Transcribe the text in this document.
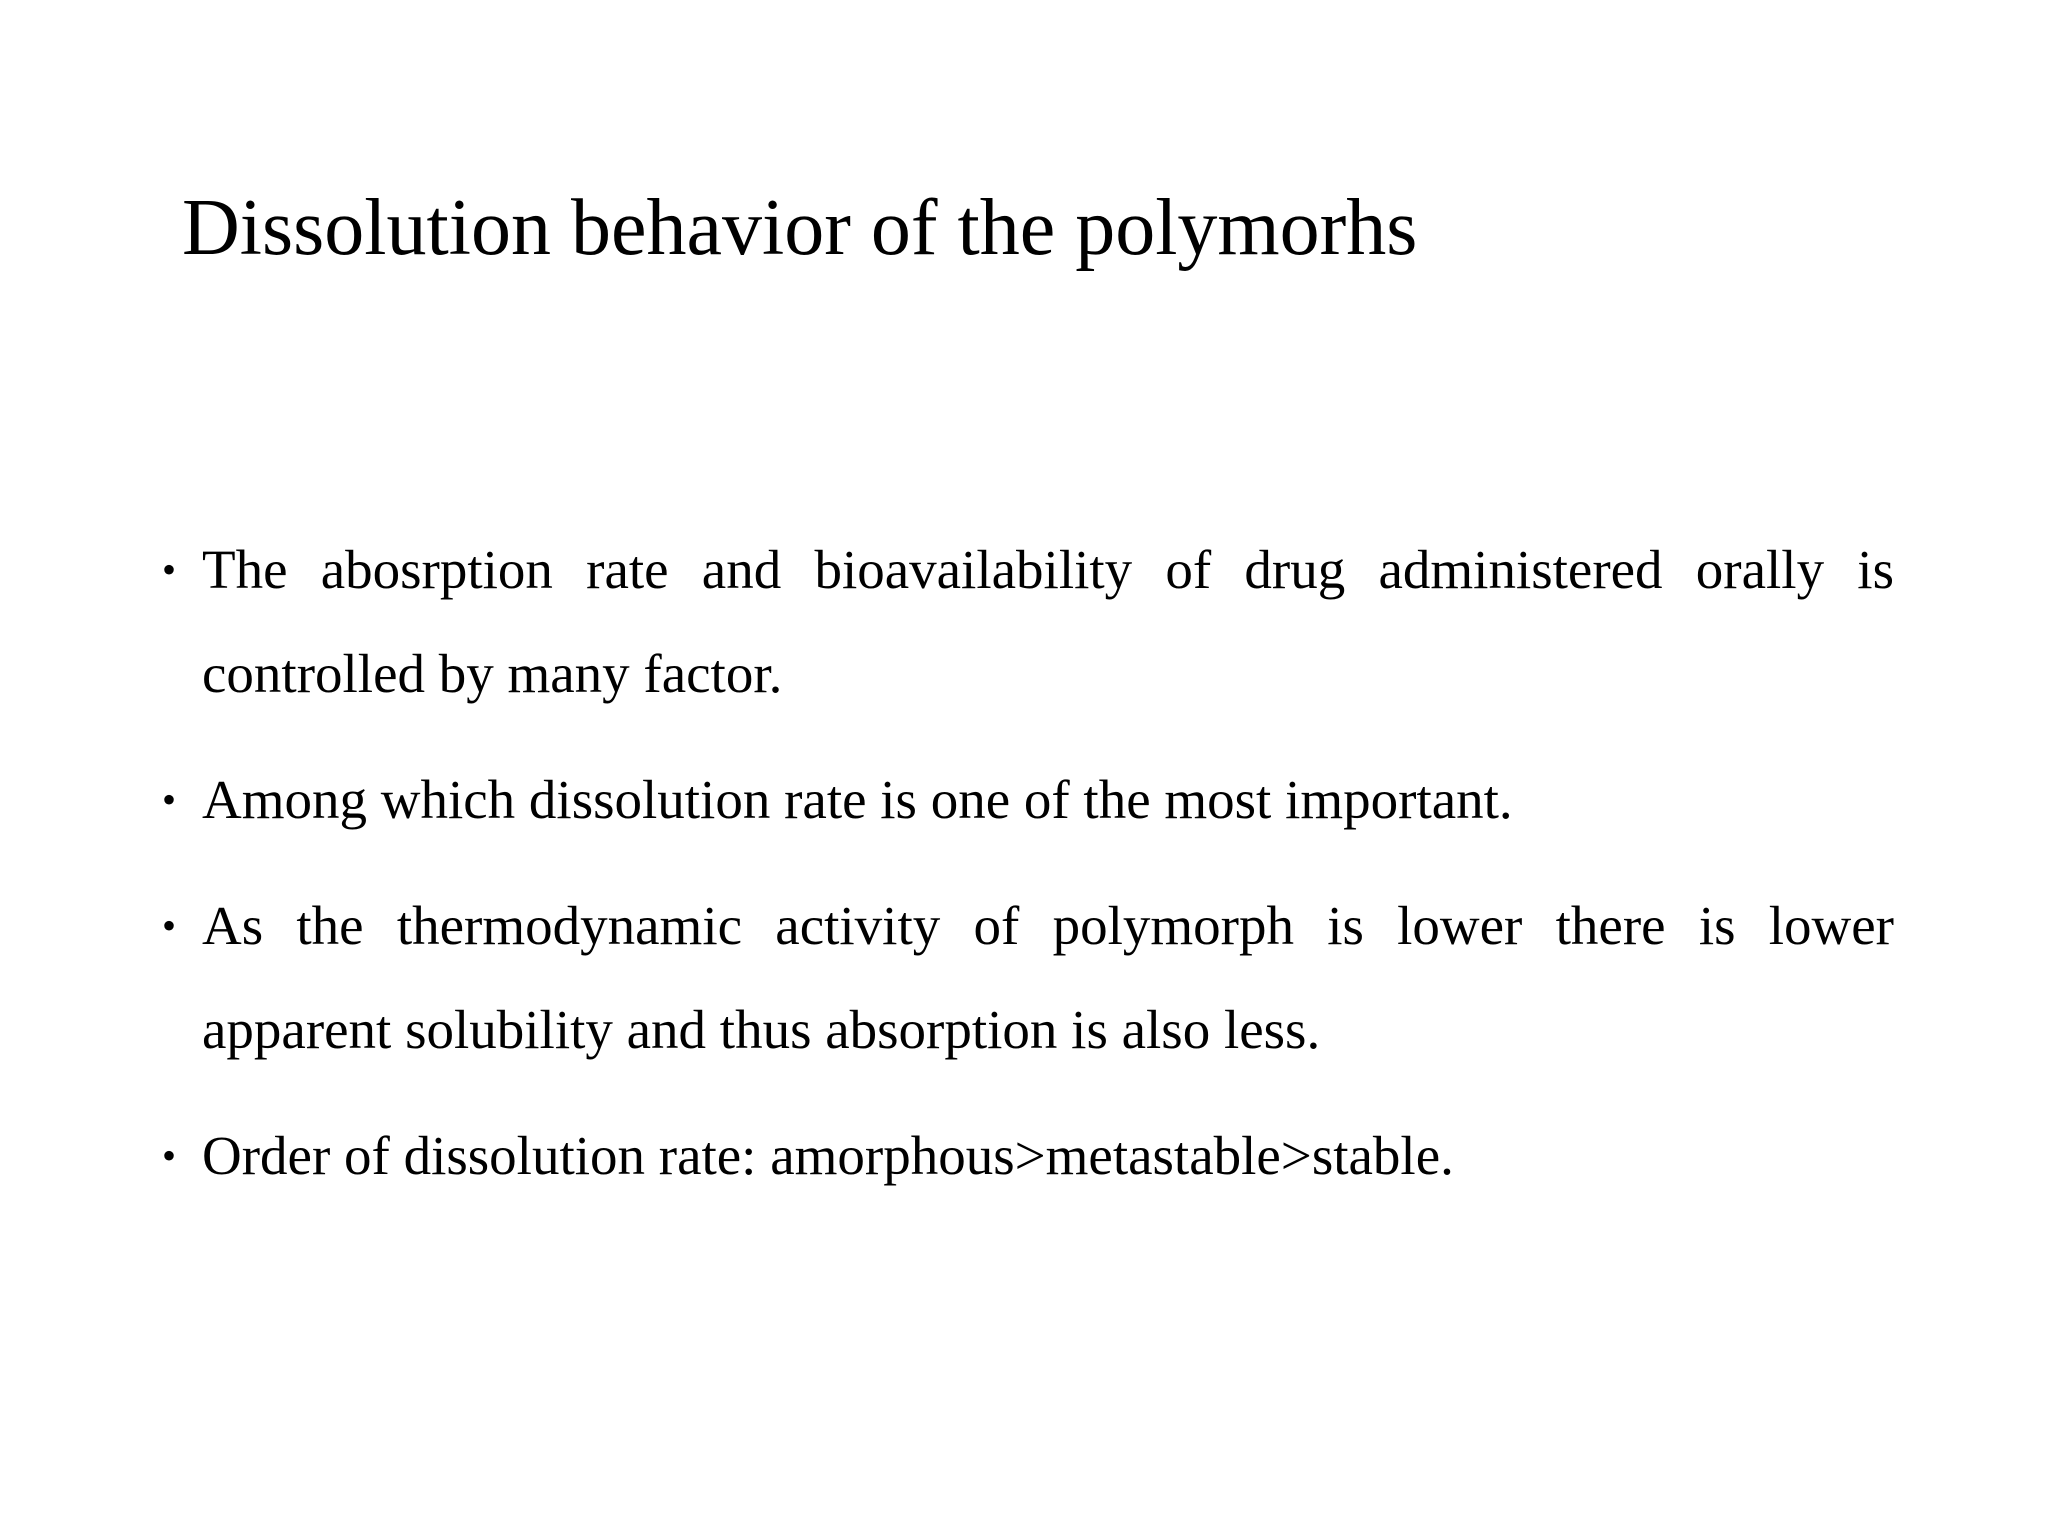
Dissolution behavior of the polymorhs
• The abosrption rate and bioavailability of drug administered orally is controlled by many factor.
• Among which dissolution rate is one of the most important.
• As the thermodynamic activity of polymorph is lower there is lower apparent solubility and thus absorption is also less.
• Order of dissolution rate: amorphous>metastable>stable.
